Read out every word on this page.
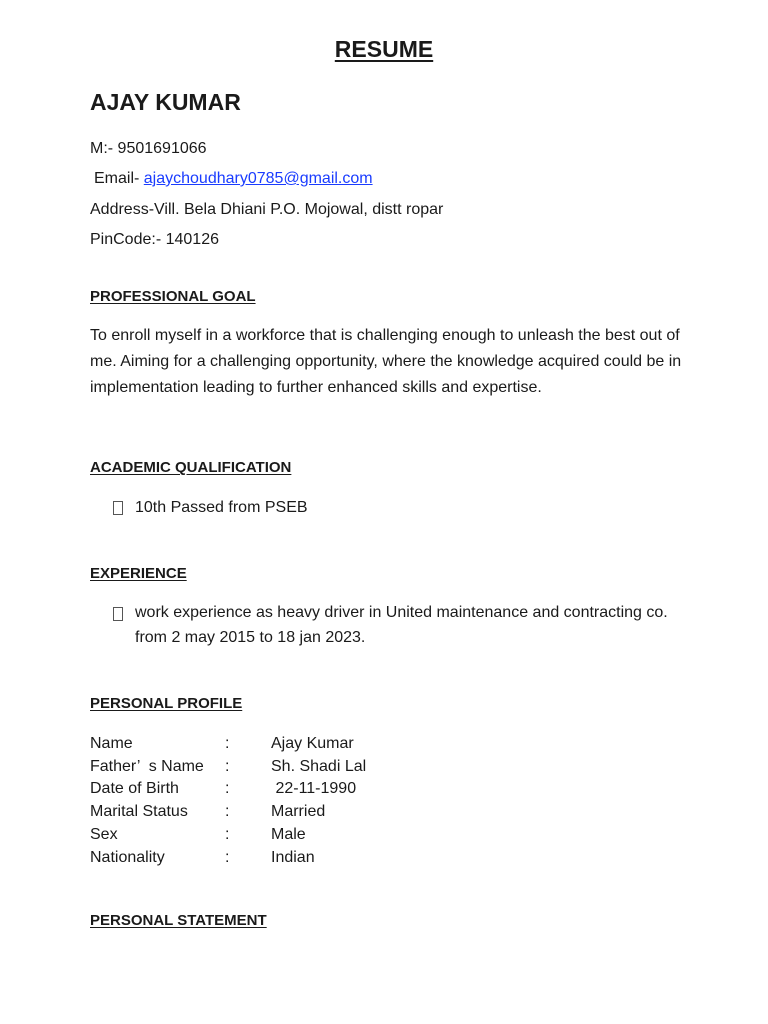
RESUME
AJAY KUMAR
M:- 9501691066
Email- ajaychoudhary0785@gmail.com
Address-Vill. Bela Dhiani P.O. Mojowal, distt ropar
PinCode:- 140126
PROFESSIONAL GOAL
To enroll myself in a workforce that is challenging enough to unleash the best out of me. Aiming for a challenging opportunity, where the knowledge acquired could be in implementation leading to further enhanced skills and expertise.
ACADEMIC QUALIFICATION
10th Passed from PSEB
EXPERIENCE
work experience as heavy driver in United maintenance and contracting co. from 2 may 2015 to 18 jan 2023.
PERSONAL PROFILE
Name	:	Ajay Kumar
Father’  s Name :	Sh. Shadi Lal
Date of Birth	:	22-11-1990
Marital Status :	Married
Sex	:	Male
Nationality	:	Indian
PERSONAL STATEMENT
